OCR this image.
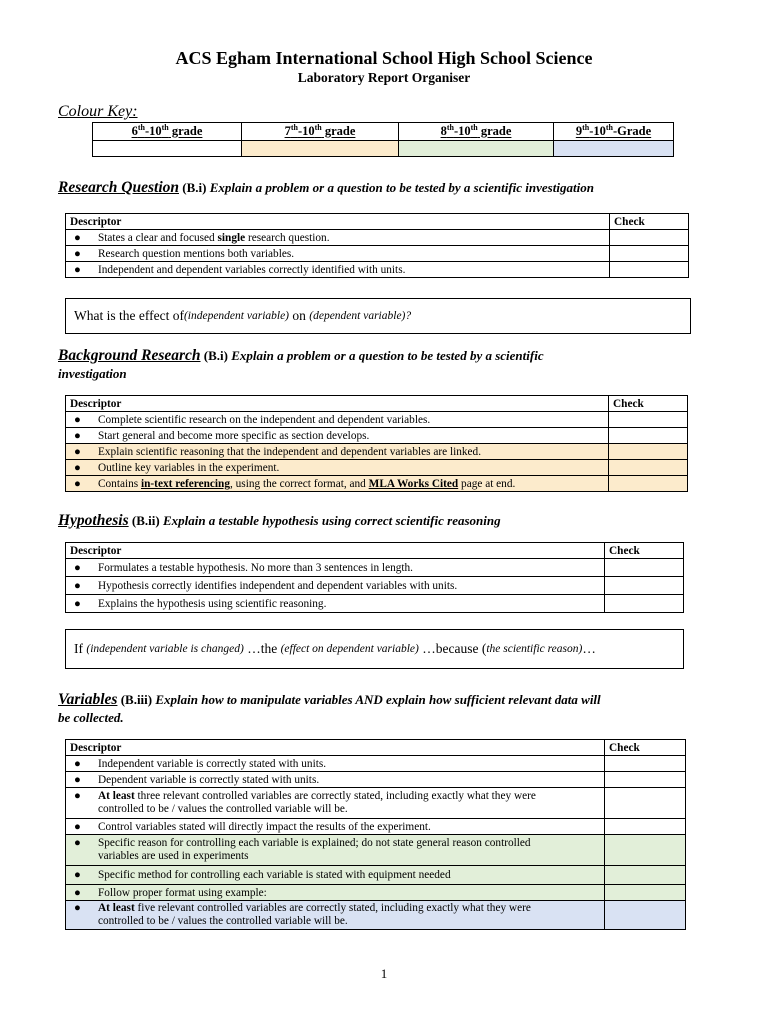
ACS Egham International School High School Science
Laboratory Report Organiser
Colour Key:
6th-10th grade	7th-10th grade	8th-10th grade	9th-10th-Grade

Research Question (B.i) Explain a problem or a question to be tested by a scientific investigation
Descriptor	Check
● States a clear and focused single research question.	
● Research question mentions both variables.	
● Independent and dependent variables correctly identified with units.	
What is the effect of (independent variable) on (dependent variable)?
Background Research (B.i) Explain a problem or a question to be tested by a scientific
investigation
Descriptor	Check
● Complete scientific research on the independent and dependent variables.	
● Start general and become more specific as section develops.	
● Explain scientific reasoning that the independent and dependent variables are linked.	
● Outline key variables in the experiment.	
● Contains in-text referencing, using the correct format, and MLA Works Cited page at end.	
Hypothesis (B.ii) Explain a testable hypothesis using correct scientific reasoning
Descriptor	Check
● Formulates a testable hypothesis. No more than 3 sentences in length.	
● Hypothesis correctly identifies independent and dependent variables with units.	
● Explains the hypothesis using scientific reasoning.	
If (independent variable is changed) …the (effect on dependent variable) …because ( the scientific reason) …
Variables (B.iii) Explain how to manipulate variables AND explain how sufficient relevant data will
be collected.
Descriptor	Check
● Independent variable is correctly stated with units.	
● Dependent variable is correctly stated with units.	

● At least three relevant controlled variables are correctly stated, including exactly what they were
controlled to be / values the controlled variable will be.	

● Control variables stated will directly impact the results of the experiment.	

● Specific reason for controlling each variable is explained; do not state general reason controlled
variables are used in experiments	

● Specific method for controlling each variable is stated with equipment needed	
● Follow proper format using example:	

● At least five relevant controlled variables are correctly stated, including exactly what they were
controlled to be / values the controlled variable will be.	

1
